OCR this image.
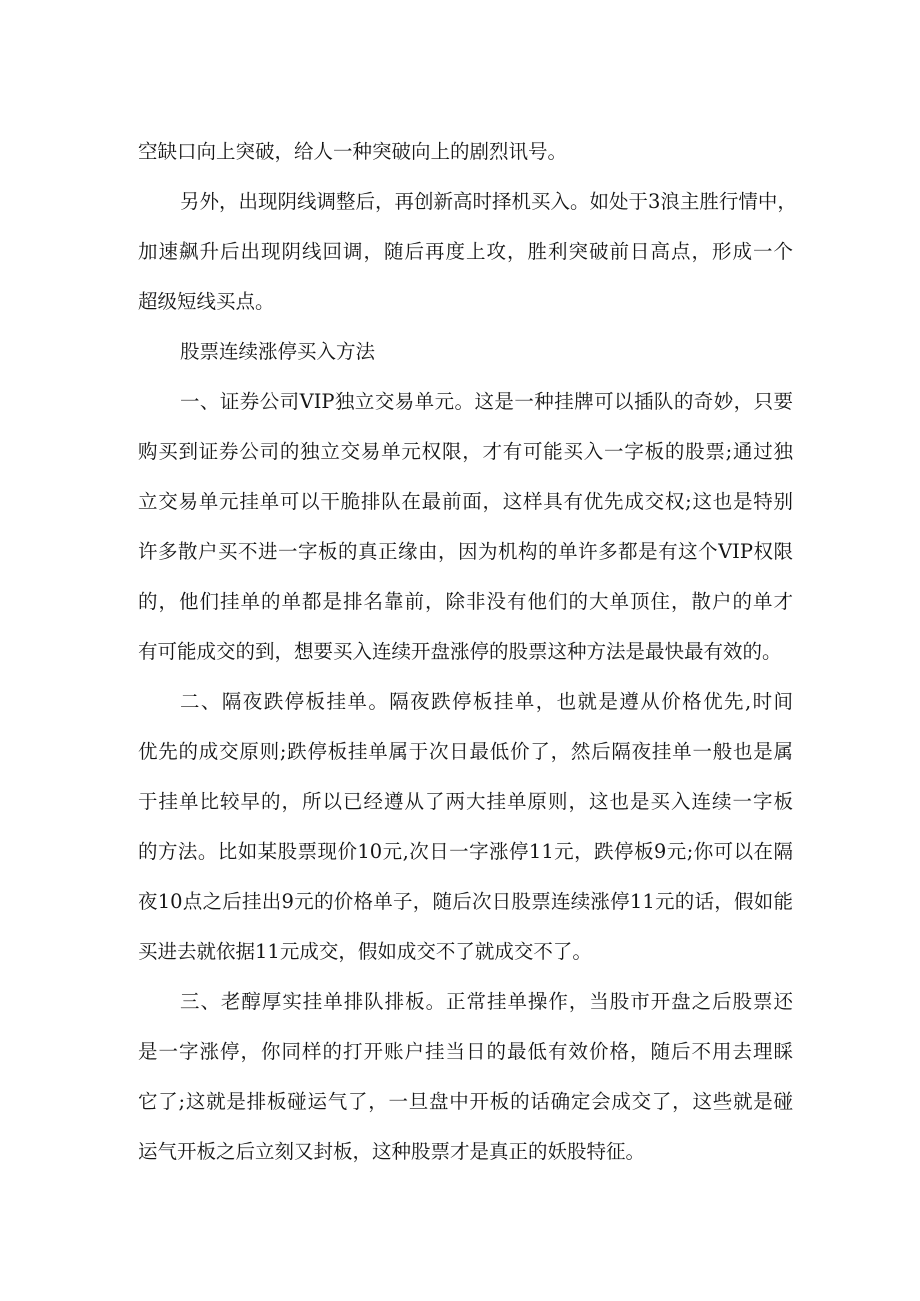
空缺口向上突破，给人一种突破向上的剧烈讯号。
另外，出现阴线调整后，再创新高时择机买入。如处于3浪主胜行情中，
加速飙升后出现阴线回调，随后再度上攻，胜利突破前日高点，形成一个
超级短线买点。
股票连续涨停买入方法
一、证券公司VIP独立交易单元。这是一种挂牌可以插队的奇妙，只要
购买到证券公司的独立交易单元权限，才有可能买入一字板的股票;通过独
立交易单元挂单可以干脆排队在最前面，这样具有优先成交权;这也是特别
许多散户买不进一字板的真正缘由，因为机构的单许多都是有这个VIP权限
的，他们挂单的单都是排名靠前，除非没有他们的大单顶住，散户的单才
有可能成交的到，想要买入连续开盘涨停的股票这种方法是最快最有效的。
二、隔夜跌停板挂单。隔夜跌停板挂单，也就是遵从价格优先,时间
优先的成交原则;跌停板挂单属于次日最低价了，然后隔夜挂单一般也是属
于挂单比较早的，所以已经遵从了两大挂单原则，这也是买入连续一字板
的方法。比如某股票现价10元,次日一字涨停11元，跌停板9元;你可以在隔
夜10点之后挂出9元的价格单子，随后次日股票连续涨停11元的话，假如能
买进去就依据11元成交，假如成交不了就成交不了。
三、老醇厚实挂单排队排板。正常挂单操作，当股市开盘之后股票还
是一字涨停，你同样的打开账户挂当日的最低有效价格，随后不用去理睬
它了;这就是排板碰运气了，一旦盘中开板的话确定会成交了，这些就是碰
运气开板之后立刻又封板，这种股票才是真正的妖股特征。
